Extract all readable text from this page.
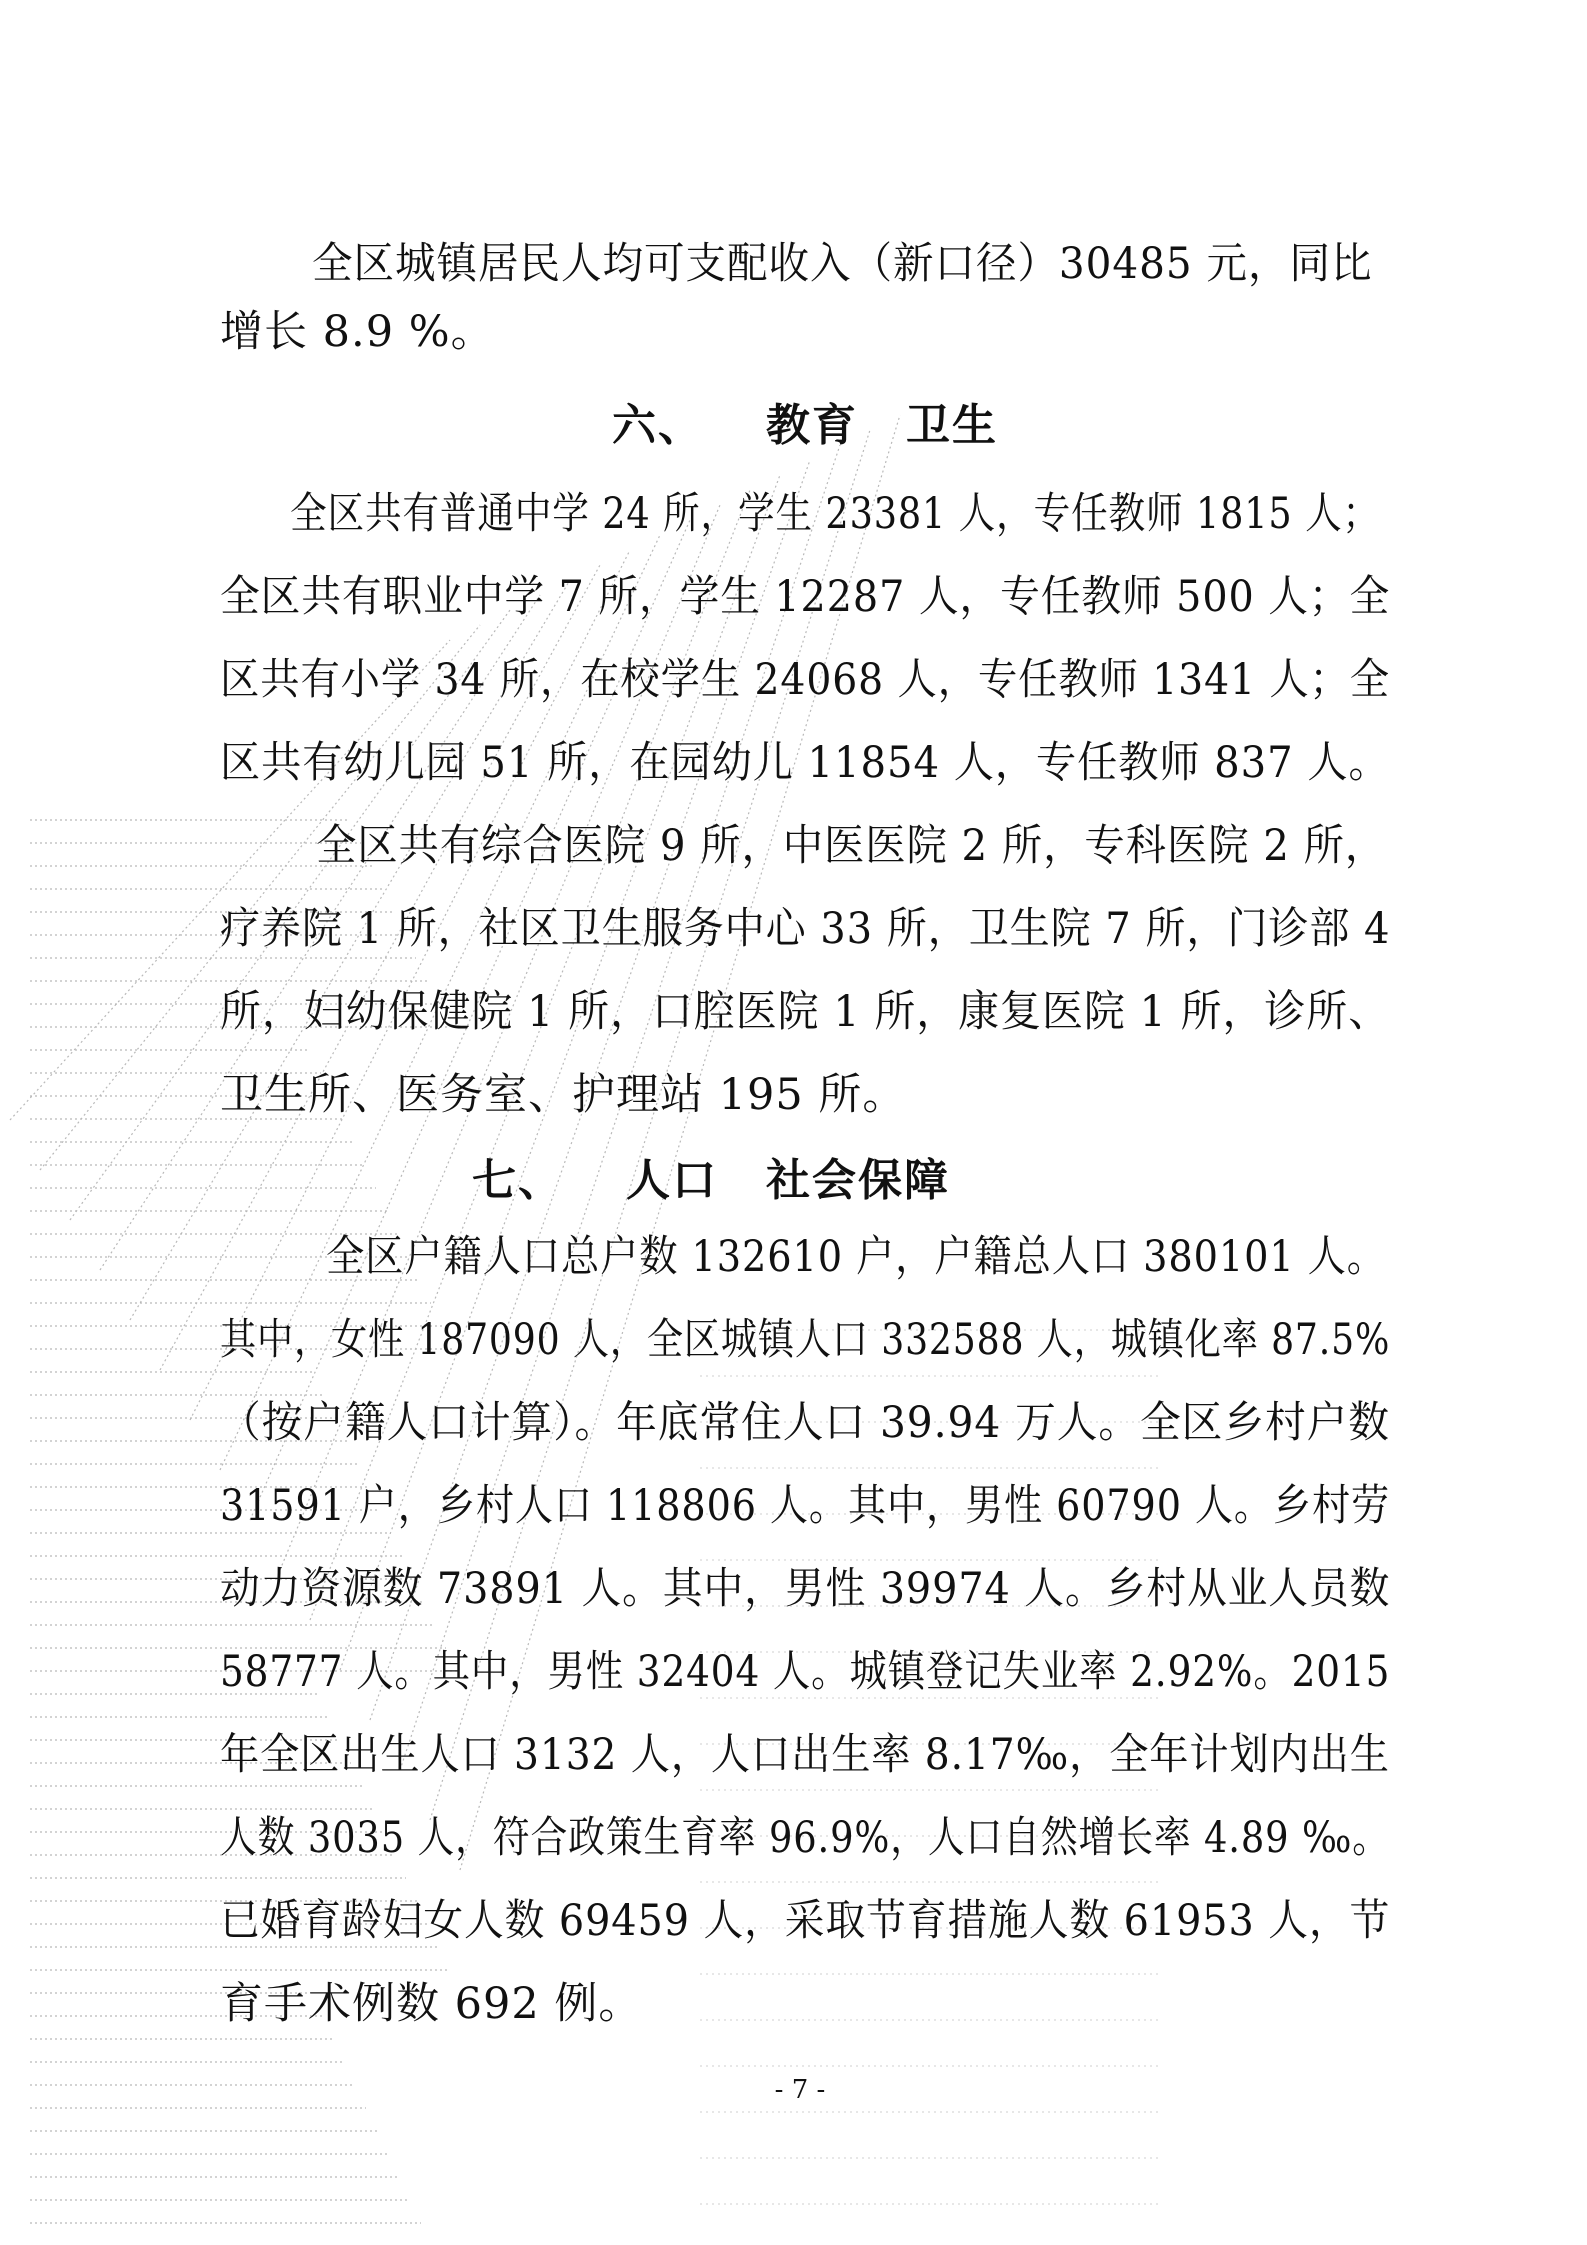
全区城镇居民人均可支配收入（新口径）30485 元，同比
增长 8.9 %。
六、 教育 卫生
全区共有普通中学 24 所，学生 23381 人，专任教师 1815 人；
全区共有职业中学 7 所，学生 12287 人，专任教师 500 人；全
区共有小学 34 所，在校学生 24068 人，专任教师 1341 人；全
区共有幼儿园 51 所，在园幼儿 11854 人，专任教师 837 人。
全区共有综合医院 9 所，中医医院 2 所，专科医院 2 所，
疗养院 1 所，社区卫生服务中心 33 所，卫生院 7 所，门诊部 4
所，妇幼保健院 1 所，口腔医院 1 所，康复医院 1 所，诊所、
卫生所、医务室、护理站 195 所。
七、 人口 社会保障
全区户籍人口总户数 132610 户，户籍总人口 380101 人。
其中，女性 187090 人，全区城镇人口 332588 人，城镇化率 87.5%
（按户籍人口计算）。年底常住人口 39.94 万人。全区乡村户数
31591 户，乡村人口 118806 人。其中，男性 60790 人。乡村劳
动力资源数 73891 人。其中，男性 39974 人。乡村从业人员数
58777 人。其中，男性 32404 人。城镇登记失业率 2.92%。2015
年全区出生人口 3132 人，人口出生率 8.17‰，全年计划内出生
人数 3035 人，符合政策生育率 96.9%，人口自然增长率 4.89 ‰。
已婚育龄妇女人数 69459 人，采取节育措施人数 61953 人，节
育手术例数 692 例。
- 7 -
